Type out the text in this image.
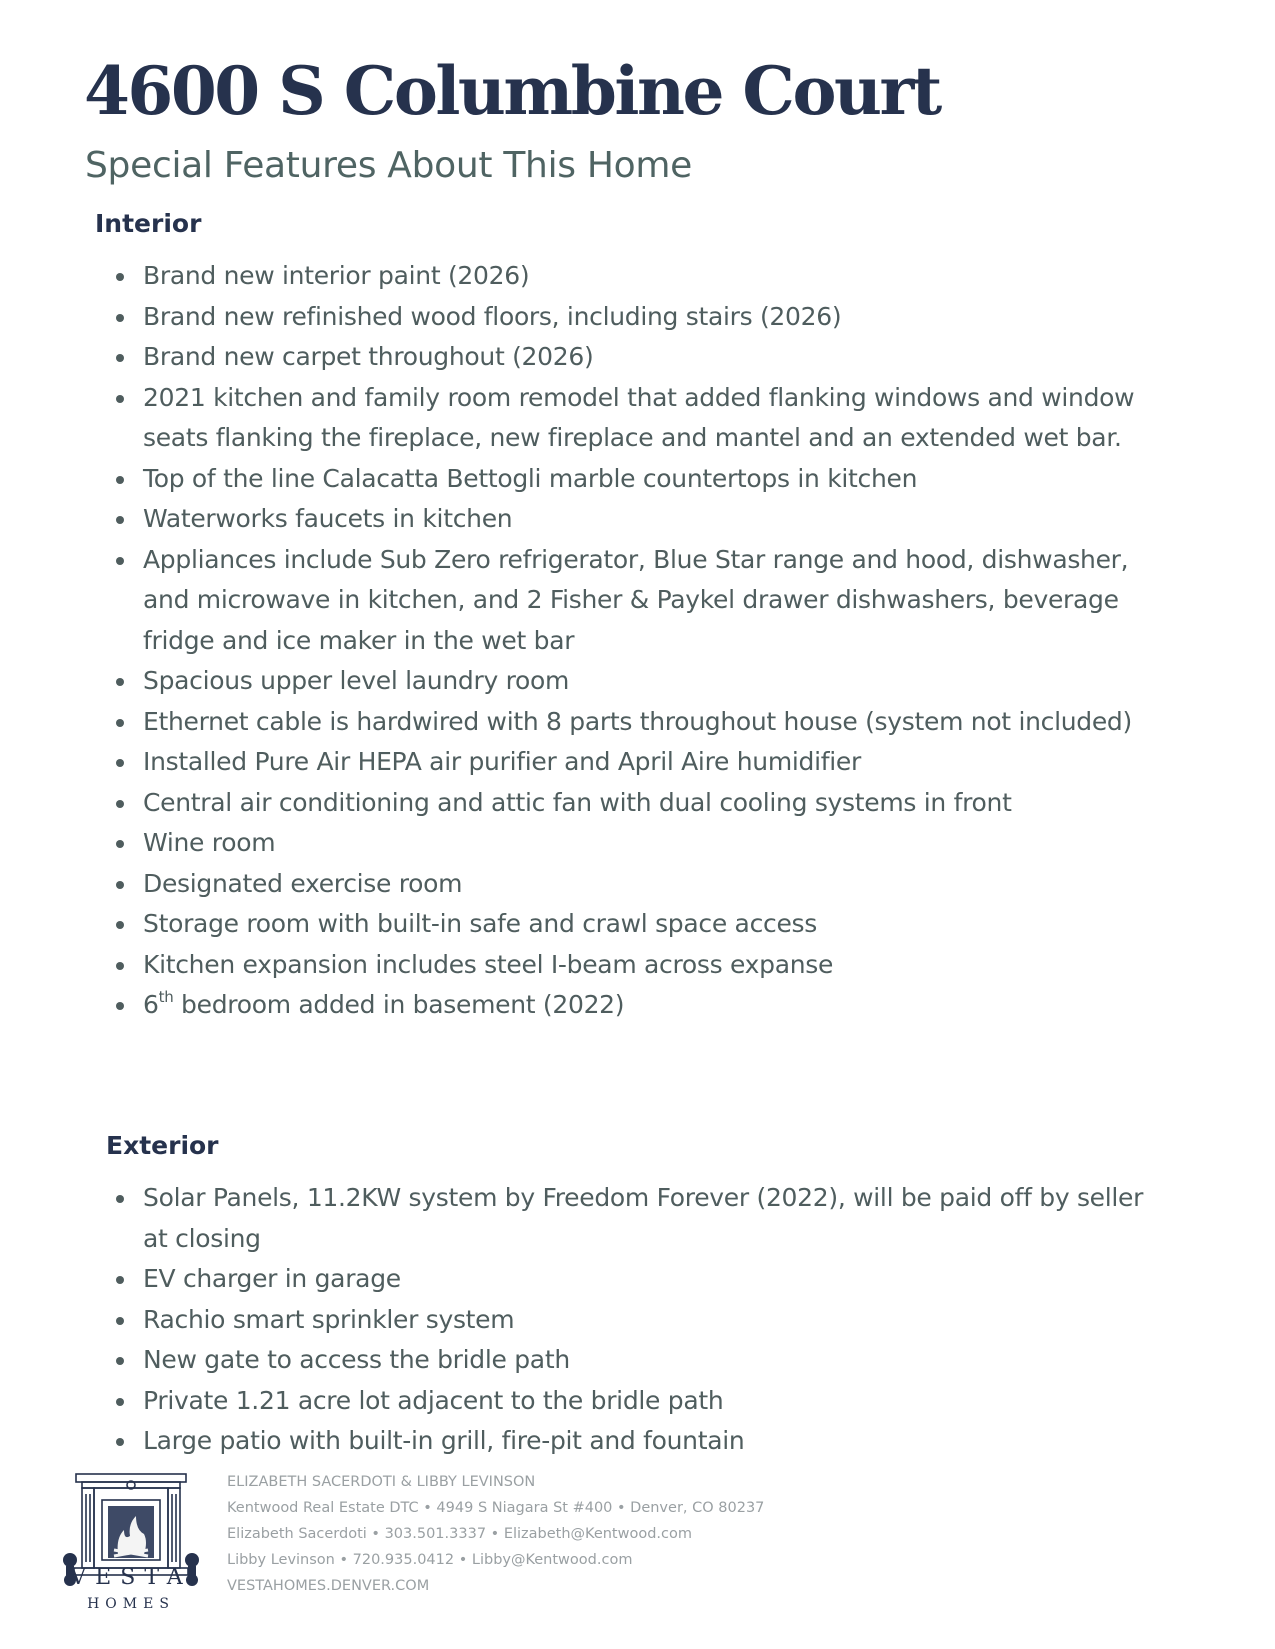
4600 S Columbine Court
Special Features About This Home
Interior
Brand new interior paint (2026)
Brand new refinished wood floors, including stairs (2026)
Brand new carpet throughout (2026)
2021 kitchen and family room remodel that added flanking windows and window seats flanking the fireplace, new fireplace and mantel and an extended wet bar.
Top of the line Calacatta Bettogli marble countertops in kitchen
Waterworks faucets in kitchen
Appliances include Sub Zero refrigerator, Blue Star range and hood, dishwasher, and microwave in kitchen, and 2 Fisher & Paykel drawer dishwashers, beverage fridge and ice maker in the wet bar
Spacious upper level laundry room
Ethernet cable is hardwired with 8 parts throughout house (system not included)
Installed Pure Air HEPA air purifier and April Aire humidifier
Central air conditioning and attic fan with dual cooling systems in front
Wine room
Designated exercise room
Storage room with built-in safe and crawl space access
Kitchen expansion includes steel I-beam across expanse
6th bedroom added in basement (2022)
Exterior
Solar Panels, 11.2KW system by Freedom Forever (2022), will be paid off by seller at closing
EV charger in garage
Rachio smart sprinkler system
New gate to access the bridle path
Private 1.21 acre lot adjacent to the bridle path
Large patio with built-in grill, fire-pit and fountain
VESTA
HOMES
ELIZABETH SACERDOTI & LIBBY LEVINSON
Kentwood Real Estate DTC • 4949 S Niagara St #400 • Denver, CO 80237
Elizabeth Sacerdoti • 303.501.3337 • Elizabeth@Kentwood.com
Libby Levinson • 720.935.0412 • Libby@Kentwood.com
VESTAHOMES.DENVER.COM
